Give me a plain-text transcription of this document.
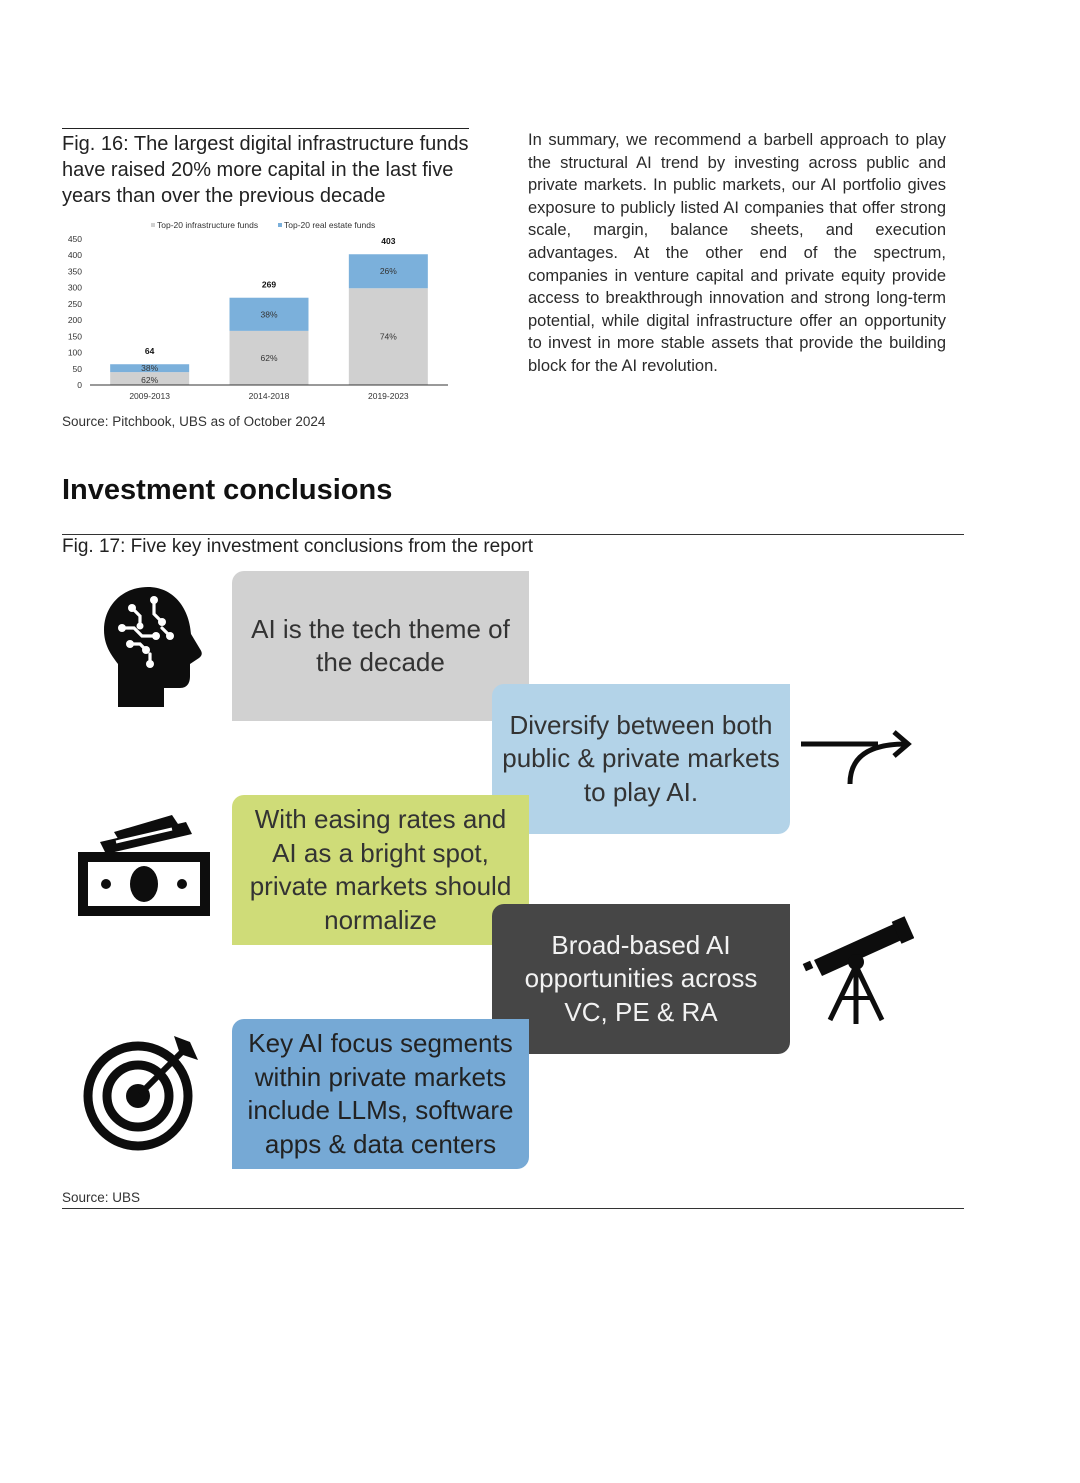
Fig. 16: The largest digital infrastructure funds have raised 20% more capital in the last five years than over the previous decade
Top-20 infrastructure funds	Top-20 real estate funds
0
50
100
150
200
250
300
350
400
450
62%
38%
64
2009-2013
62%
38%
269
2014-2018
74%
26%
403
2019-2023
Source: Pitchbook, UBS as of October 2024
In summary, we recommend a barbell approach to play the structural AI trend by investing across public and private markets. In public markets, our AI portfolio gives exposure to publicly listed AI companies that offer strong scale, margin, balance sheets, and execution advantages. At the other end of the spectrum, companies in venture capital and private equity provide access to breakthrough innovation and strong long-term potential, while digital infrastructure offer an opportunity to invest in more stable assets that provide the building block for the AI revolution.
Investment conclusions
Fig. 17: Five key investment conclusions from the report
AI is the tech theme of the decade
Diversify between both public & private markets to play AI.
With easing rates and AI as a bright spot, private markets should normalize
Broad-based AI opportunities across VC, PE & RA
Key AI focus segments within private markets include LLMs, software apps & data centers
Source: UBS
